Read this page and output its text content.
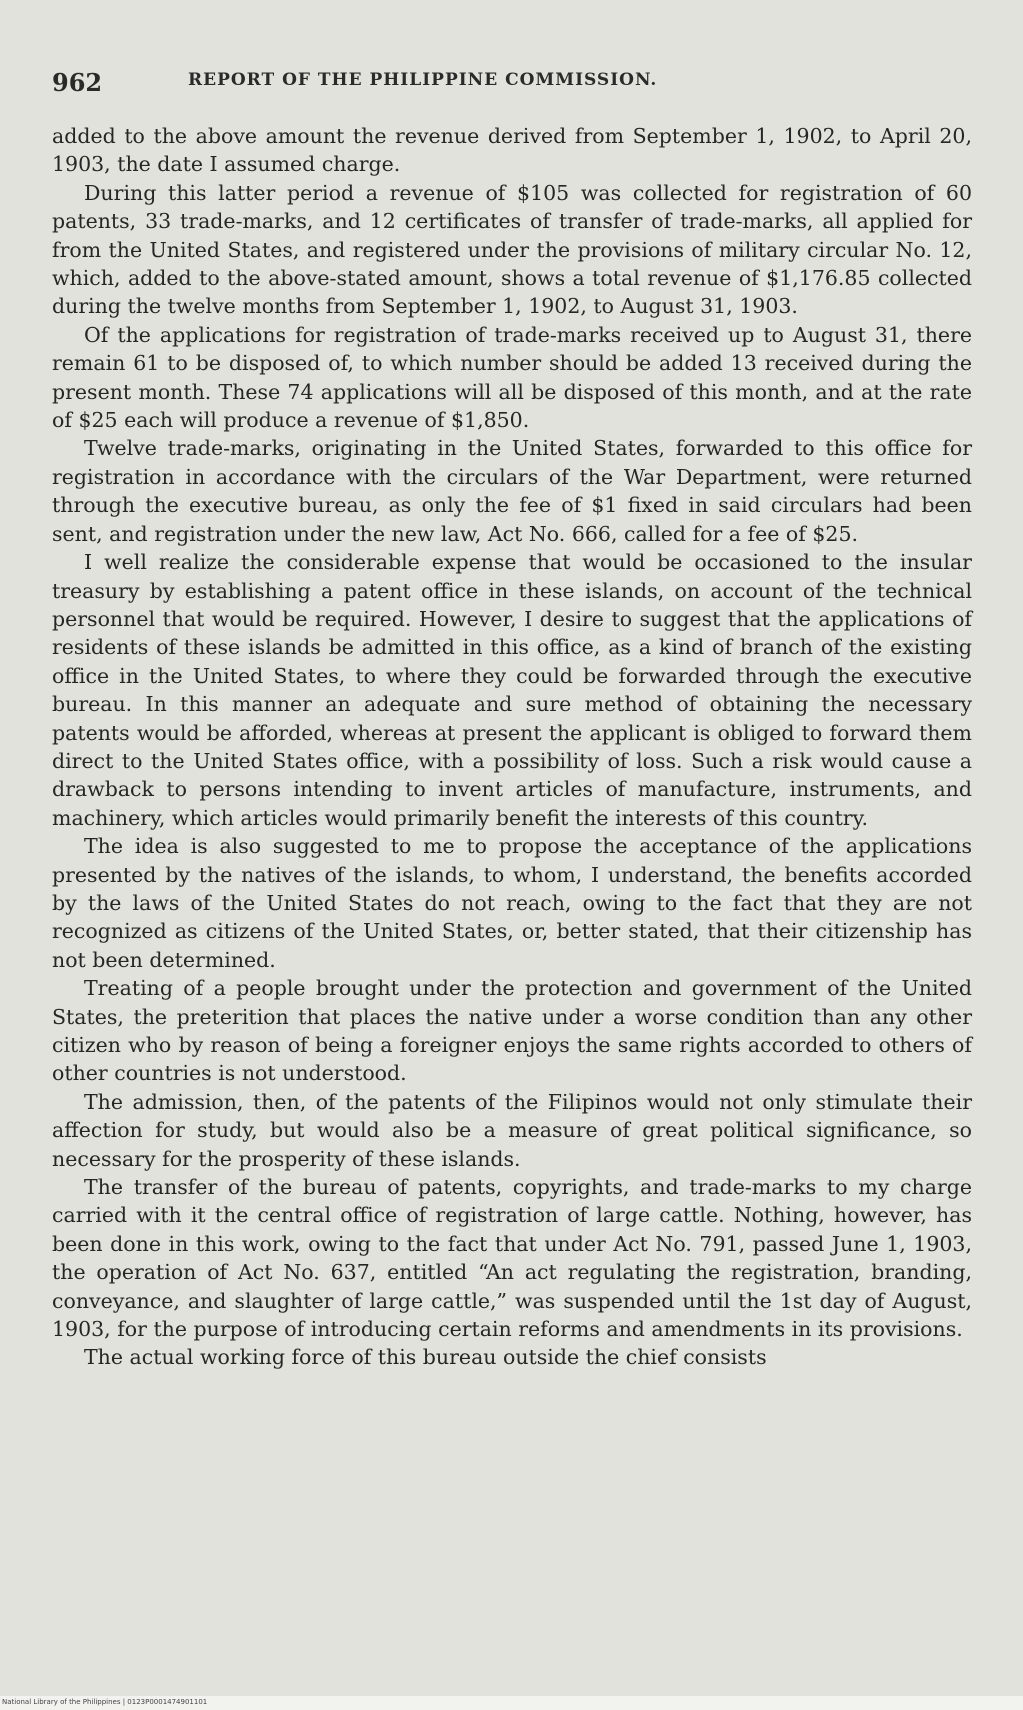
962	REPORT OF THE PHILIPPINE COMMISSION.

added to the above amount the revenue derived from September 1, 1902, to April 20, 1903, the date I assumed charge.

During this latter period a revenue of $105 was collected for registration of 60 patents, 33 trade-marks, and 12 certificates of transfer of trade-marks, all applied for from the United States, and registered under the provisions of military circular No. 12, which, added to the above-stated amount, shows a total revenue of $1,176.85 collected during the twelve months from September 1, 1902, to August 31, 1903.

Of the applications for registration of trade-marks received up to August 31, there remain 61 to be disposed of, to which number should be added 13 received during the present month. These 74 applications will all be disposed of this month, and at the rate of $25 each will produce a revenue of $1,850.

Twelve trade-marks, originating in the United States, forwarded to this office for registration in accordance with the circulars of the War Department, were returned through the executive bureau, as only the fee of $1 fixed in said circulars had been sent, and registration under the new law, Act No. 666, called for a fee of $25.

I well realize the considerable expense that would be occasioned to the insular treasury by establishing a patent office in these islands, on account of the technical personnel that would be required. However, I desire to suggest that the applications of residents of these islands be admitted in this office, as a kind of branch of the existing office in the United States, to where they could be forwarded through the executive bureau. In this manner an adequate and sure method of obtaining the necessary patents would be afforded, whereas at present the applicant is obliged to forward them direct to the United States office, with a possibility of loss. Such a risk would cause a drawback to persons intending to invent articles of manufacture, instruments, and machinery, which articles would primarily benefit the interests of this country.

The idea is also suggested to me to propose the acceptance of the applications presented by the natives of the islands, to whom, I understand, the benefits accorded by the laws of the United States do not reach, owing to the fact that they are not recognized as citizens of the United States, or, better stated, that their citizenship has not been determined.

Treating of a people brought under the protection and government of the United States, the preterition that places the native under a worse condition than any other citizen who by reason of being a foreigner enjoys the same rights accorded to others of other countries is not understood.

The admission, then, of the patents of the Filipinos would not only stimulate their affection for study, but would also be a measure of great political significance, so necessary for the prosperity of these islands.

The transfer of the bureau of patents, copyrights, and trade-marks to my charge carried with it the central office of registration of large cattle. Nothing, however, has been done in this work, owing to the fact that under Act No. 791, passed June 1, 1903, the operation of Act No. 637, entitled “An act regulating the registration, branding, conveyance, and slaughter of large cattle,” was suspended until the 1st day of August, 1903, for the purpose of introducing certain reforms and amendments in its provisions.

The actual working force of this bureau outside the chief consists

National Library of the Philippines | 0123P0001474901101
